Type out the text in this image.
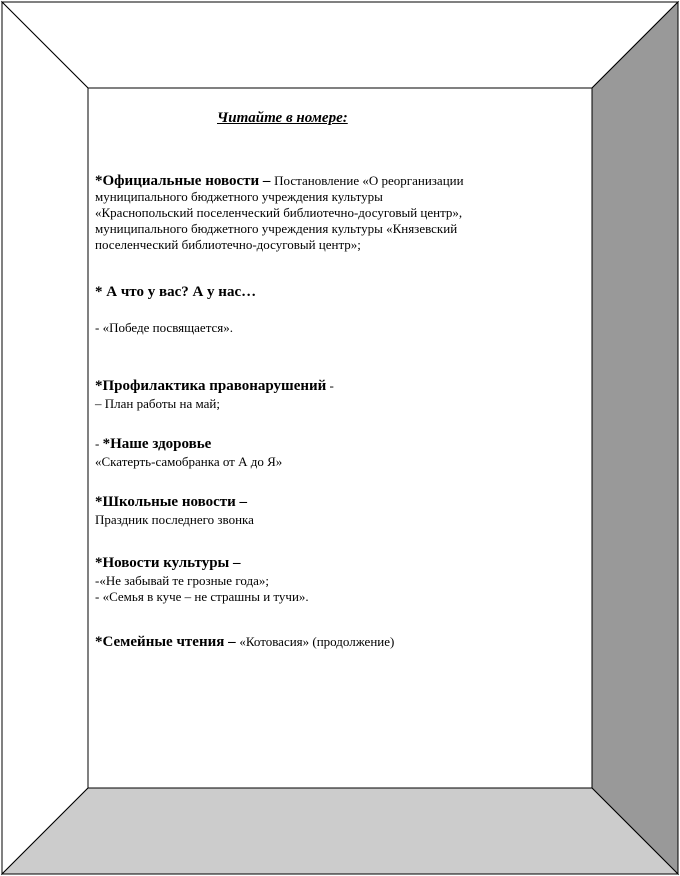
Читайте в номере:
*Официальные новости – Постановление «О реорганизации
муниципального бюджетного учреждения культуры
«Краснопольский поселенческий библиотечно-досуговый центр»,
муниципального бюджетного учреждения культуры «Князевский
поселенческий библиотечно-досуговый центр»;
* А что у вас? А у нас…
- «Победе посвящается».
*Профилактика правонарушений -
– План работы на май;
- *Наше здоровье
«Скатерть-самобранка от А до Я»
*Школьные новости –
Праздник последнего звонка
*Новости культуры –
-«Не забывай те грозные года»;
- «Семья в куче – не страшны и тучи».
*Семейные чтения – «Котовасия» (продолжение)
